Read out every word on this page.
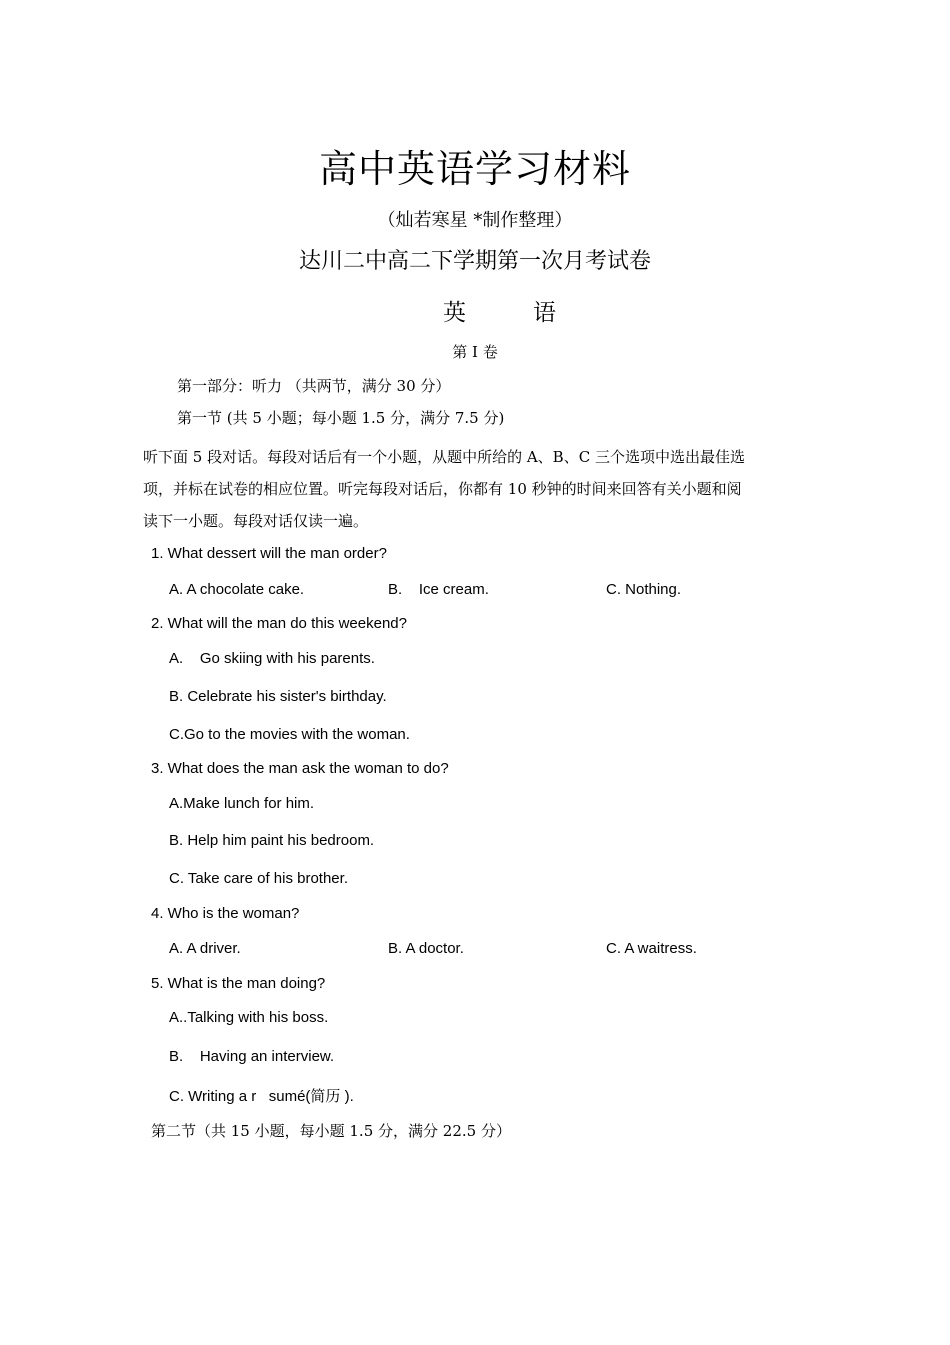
高中英语学习材料
（灿若寒星 *制作整理）
达川二中高二下学期第一次月考试卷
英	语
第 I 卷
第一部分：听力 （共两节，满分 30 分）
第一节 (共 5 小题；每小题 1.5 分，满分 7.5 分)
听下面 5 段对话。每段对话后有一个小题，从题中所给的 A、B、C 三个选项中选出最佳选
项，并标在试卷的相应位置。听完每段对话后，你都有 10 秒钟的时间来回答有关小题和阅
读下一小题。每段对话仅读一遍。
1. What dessert will the man order?
A. A chocolate cake.	B.    Ice cream.	C. Nothing.
2. What will the man do this weekend?
A.    Go skiing with his parents.
B. Celebrate his sister's birthday.
C.Go to the movies with the woman.
3. What does the man ask the woman to do?
A.Make lunch for him.
B. Help him paint his bedroom.
C. Take care of his brother.
4. Who is the woman?
A. A driver.	B. A doctor.	C. A waitress.
5. What is the man doing?
A..Talking with his boss.
B.    Having an interview.
C. Writing a r   sumé(简历 ).
第二节（共 15 小题，每小题 1.5 分，满分 22.5 分）
